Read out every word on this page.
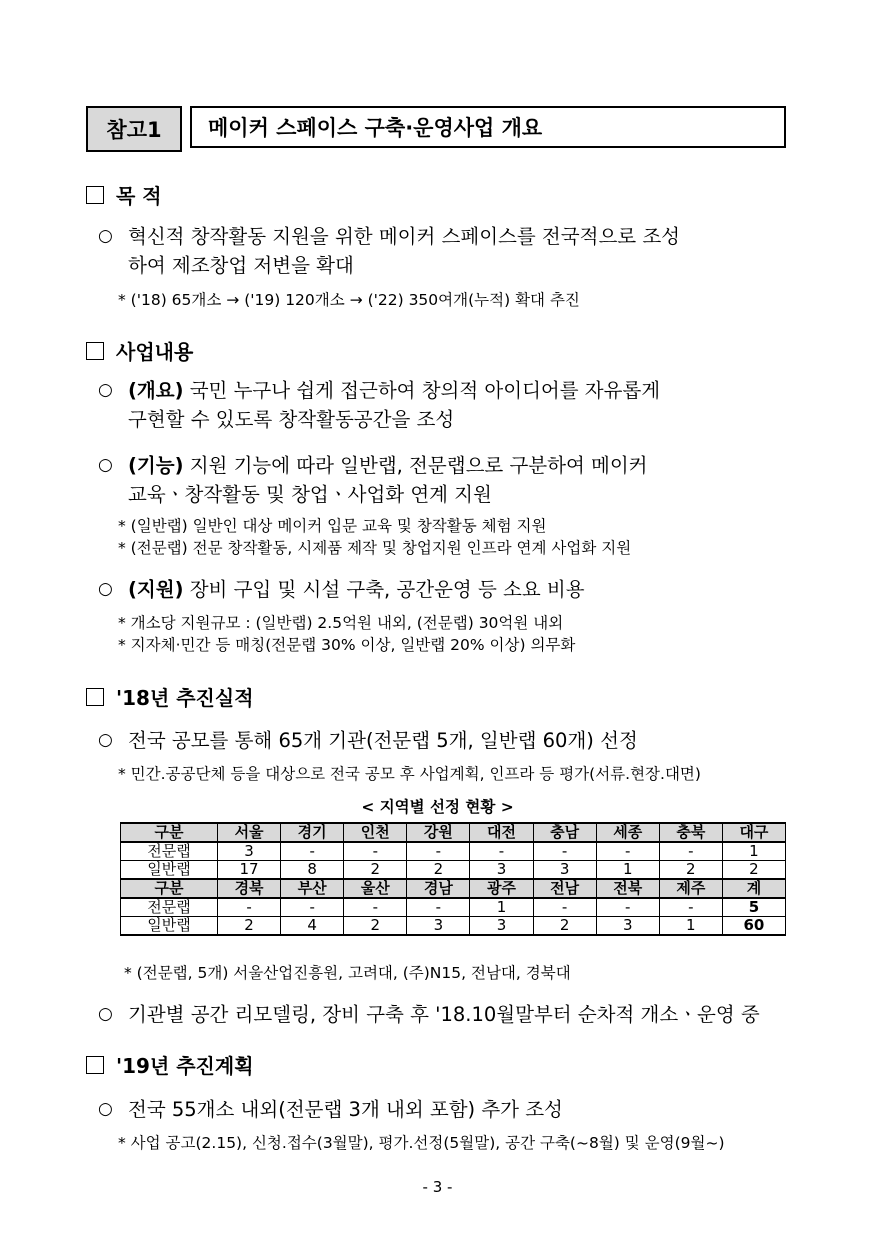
참고1	메이커 스페이스 구축·운영사업 개요
목 적
○ 혁신적 창작활동 지원을 위한 메이커 스페이스를 전국적으로 조성
하여 제조창업 저변을 확대
* ('18) 65개소 → ('19) 120개소 → ('22) 350여개(누적) 확대 추진
사업내용
○ (개요) 국민 누구나 쉽게 접근하여 창의적 아이디어를 자유롭게
구현할 수 있도록 창작활동공간을 조성
○ (기능) 지원 기능에 따라 일반랩, 전문랩으로 구분하여 메이커
교육ㆍ창작활동 및 창업ㆍ사업화 연계 지원
* (일반랩) 일반인 대상 메이커 입문 교육 및 창작활동 체험 지원
* (전문랩) 전문 창작활동, 시제품 제작 및 창업지원 인프라 연계 사업화 지원
○ (지원) 장비 구입 및 시설 구축, 공간운영 등 소요 비용
* 개소당 지원규모 : (일반랩) 2.5억원 내외, (전문랩) 30억원 내외
* 지자체·민간 등 매칭(전문랩 30% 이상, 일반랩 20% 이상) 의무화
'18년 추진실적
○ 전국 공모를 통해 65개 기관(전문랩 5개, 일반랩 60개) 선정
* 민간.공공단체 등을 대상으로 전국 공모 후 사업계획, 인프라 등 평가(서류.현장.대면)
< 지역별 선정 현황 >
구분	서울	경기	인천	강원	대전	충남	세종	충북	대구
전문랩	3	-	-	-	-	-	-	-	1
일반랩	17	8	2	2	3	3	1	2	2
구분	경북	부산	울산	경남	광주	전남	전북	제주	계
전문랩	-	-	-	-	1	-	-	-	5
일반랩	2	4	2	3	3	2	3	1	60
* (전문랩, 5개) 서울산업진흥원, 고려대, (주)N15, 전남대, 경북대
○ 기관별 공간 리모델링, 장비 구축 후 '18.10월말부터 순차적 개소ㆍ운영 중
'19년 추진계획
○ 전국 55개소 내외(전문랩 3개 내외 포함) 추가 조성
* 사업 공고(2.15), 신청.접수(3월말), 평가.선정(5월말), 공간 구축(~8월) 및 운영(9월~)
- 3 -
